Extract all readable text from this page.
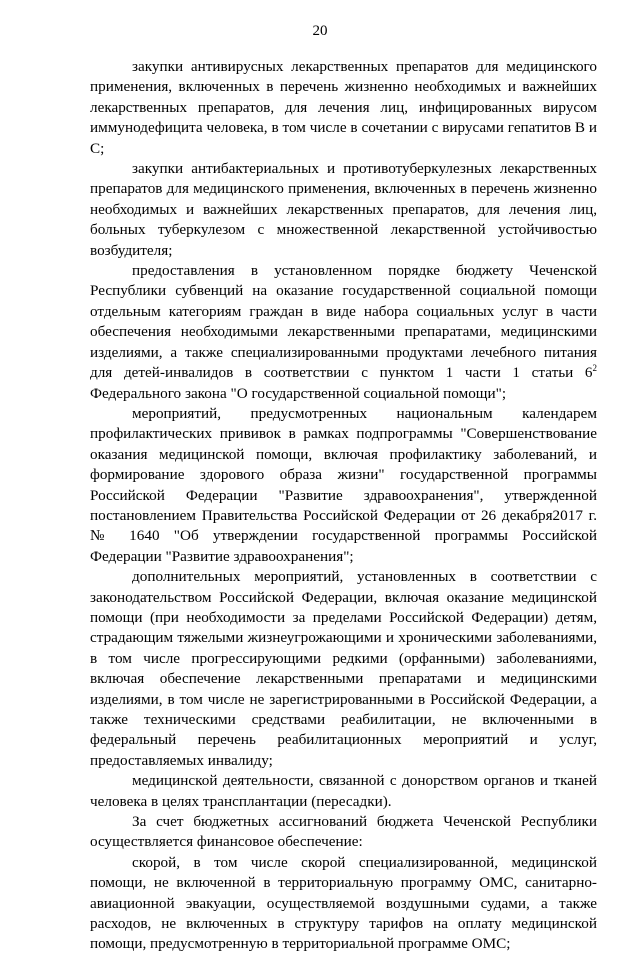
20

закупки антивирусных лекарственных препаратов для медицинского применения, включенных в перечень жизненно необходимых и важнейших лекарственных препаратов, для лечения лиц, инфицированных вирусом иммунодефицита человека, в том числе в сочетании с вирусами гепатитов В и С;

закупки антибактериальных и противотуберкулезных лекарственных препаратов для медицинского применения, включенных в перечень жизненно необходимых и важнейших лекарственных препаратов, для лечения лиц, больных туберкулезом с множественной лекарственной устойчивостью возбудителя;

предоставления в установленном порядке бюджету Чеченской Республики субвенций на оказание государственной социальной помощи отдельным категориям граждан в виде набора социальных услуг в части обеспечения необходимыми лекарственными препаратами, медицинскими изделиями, а также специализированными продуктами лечебного питания для детей-инвалидов в соответствии с пунктом 1 части 1 статьи $6^2$ Федерального закона "О государственной социальной помощи";

мероприятий, предусмотренных национальным календарем профилактических прививок в рамках подпрограммы "Совершенствование оказания медицинской помощи, включая профилактику заболеваний, и формирование здорового образа жизни" государственной программы Российской Федерации "Развитие здравоохранения", утвержденной постановлением Правительства Российской Федерации от 26 декабря2017 г. № 1640 "Об утверждении государственной программы Российской Федерации "Развитие здравоохранения";

дополнительных мероприятий, установленных в соответствии с законодательством Российской Федерации, включая оказание медицинской помощи (при необходимости за пределами Российской Федерации) детям, страдающим тяжелыми жизнеугрожающими и хроническими заболеваниями, в том числе прогрессирующими редкими (орфанными) заболеваниями, включая обеспечение лекарственными препаратами и медицинскими изделиями, в том числе не зарегистрированными в Российской Федерации, а также техническими средствами реабилитации, не включенными в федеральный перечень реабилитационных мероприятий и услуг, предоставляемых инвалиду;

медицинской деятельности, связанной с донорством органов и тканей человека в целях трансплантации (пересадки).

За счет бюджетных ассигнований бюджета Чеченской Республики осуществляется финансовое обеспечение:

скорой, в том числе скорой специализированной, медицинской помощи, не включенной в территориальную программу ОМС, санитарно-авиационной эвакуации, осуществляемой воздушными судами, а также расходов, не включенных в структуру тарифов на оплату медицинской помощи, предусмотренную в территориальной программе ОМС;
